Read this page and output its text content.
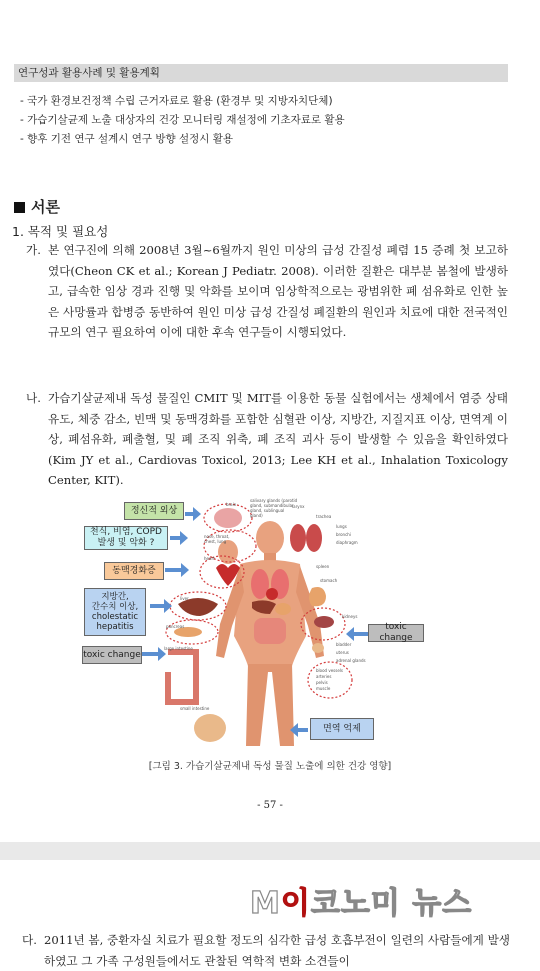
연구성과 활용사례 및 활용계획
- 국가 환경보건정책 수립 근거자료로 활용 (환경부 및 지방자치단체)
- 가습기살균제 노출 대상자의 건강 모니터링 재설정에 기초자료로 활용
- 향후 기전 연구 설계시 연구 방향 설정시 활용
서론
1. 목적 및 필요성
가. 본 연구진에 의해 2008년 3월~6월까지 원인 미상의 급성 간질성 폐렴 15 증례 첫 보고하였다(Cheon CK et al.; Korean J Pediatr. 2008). 이러한 질환은 대부분 봄철에 발생하고, 급속한 임상 경과 진행 및 악화를 보이며 임상학적으로는 광범위한 폐 섬유화로 인한 높은 사망률과 합병증 동반하여 원인 미상 급성 간질성 폐질환의 원인과 치료에 대한 전국적인 규모의 연구 필요하여 이에 대한 후속 연구들이 시행되었다.
나. 가습기살균제내 독성 물질인 CMIT 및 MIT를 이용한 동물 실험에서는 생체에서 염증 상태 유도, 체중 감소, 빈맥 및 동맥경화를 포함한 심혈관 이상, 지방간, 지질지표 이상, 면역계 이상, 폐섬유화, 폐출혈, 및 폐 조직 위축, 폐 조직 괴사 등이 발생할 수 있음을 확인하였다(Kim JY et al., Cardiovas Toxicol, 2013; Lee KH et al., Inhalation Toxicology Center, KIT).
정신적 외상
천식, 비염, COPD
발생 및 악화 ?
동맥경화증
지방간,
간수치 이상,
cholestatic
hepatitis
toxic change
toxic change
면역 억제
brain
salivary glands (parotid gland, submandibular gland, sublingual gland)
nose, throat, chest, lung
larynx
trachea
lungs
bronchi
diaphragm
heart
spleen
stomach
liver
kidneys
large intestine
pancreas
bladder
uterus
adrenal glands
blood vessels
arteries
pelvis
muscle
small intestine
[그림 3. 가습기살균제내 독성 물질 노출에 의한 건강 영향]
- 57 -
M이코노미 뉴스
다. 2011년 봄, 중환자실 치료가 필요할 정도의 심각한 급성 호흡부전이 일련의 사람들에게 발생하였고 그 가족 구성원들에서도 관찰된 역학적 변화 소견들이
